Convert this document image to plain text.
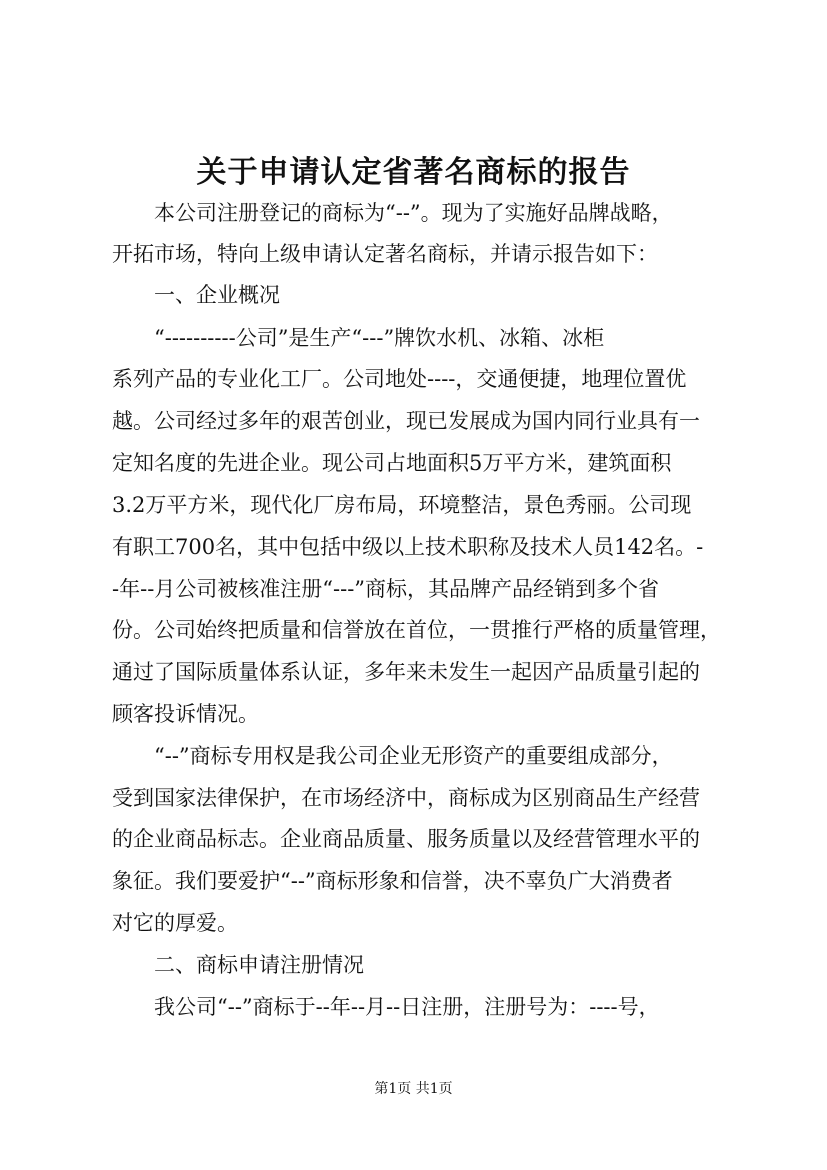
关于申请认定省著名商标的报告
本公司注册登记的商标为“--”。现为了实施好品牌战略，
开拓市场，特向上级申请认定著名商标，并请示报告如下：
一、企业概况
“----------公司”是生产“---”牌饮水机、冰箱、冰柜
系列产品的专业化工厂。公司地处----，交通便捷，地理位置优
越。公司经过多年的艰苦创业，现已发展成为国内同行业具有一
定知名度的先进企业。现公司占地面积5万平方米，建筑面积
3.2万平方米，现代化厂房布局，环境整洁，景色秀丽。公司现
有职工700名，其中包括中级以上技术职称及技术人员142名。-
-年--月公司被核准注册“---”商标，其品牌产品经销到多个省
份。公司始终把质量和信誉放在首位，一贯推行严格的质量管理，
通过了国际质量体系认证，多年来未发生一起因产品质量引起的
顾客投诉情况。
“--”商标专用权是我公司企业无形资产的重要组成部分，
受到国家法律保护，在市场经济中，商标成为区别商品生产经营
的企业商品标志。企业商品质量、服务质量以及经营管理水平的
象征。我们要爱护“--”商标形象和信誉，决不辜负广大消费者
对它的厚爱。
二、商标申请注册情况
我公司“--”商标于--年--月--日注册，注册号为：----号，
第1页 共1页
